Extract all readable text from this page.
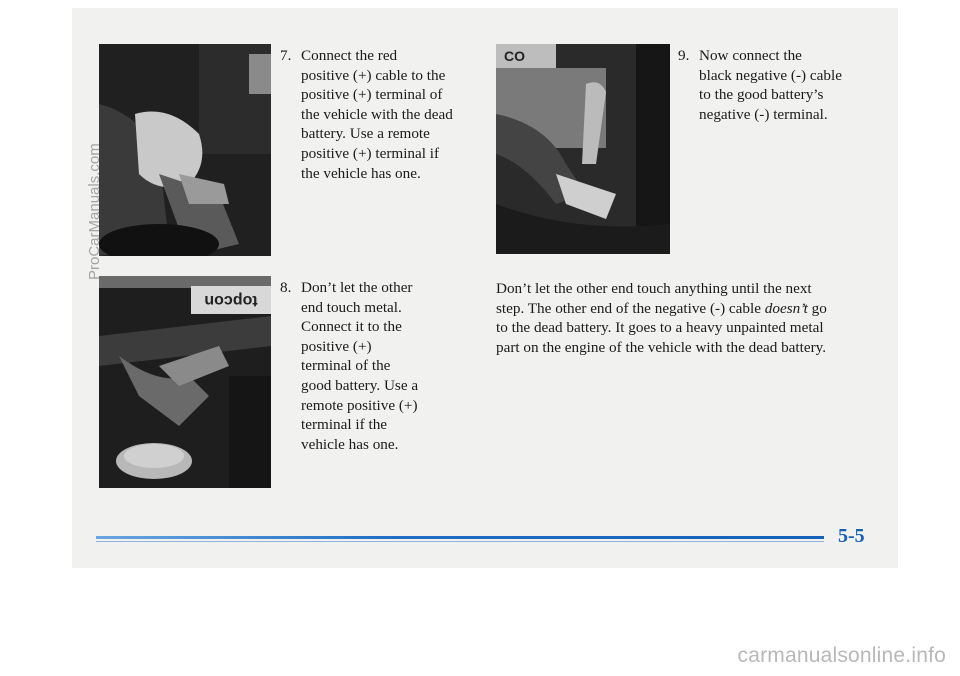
7. Connect the red
positive (+) cable to the
positive (+) terminal of
the vehicle with the dead
battery. Use a remote
positive (+) terminal if
the vehicle has one.
topcon
8. Don’t let the other
end touch metal.
Connect it to the
positive (+)
terminal of the
good battery. Use a
remote positive (+)
terminal if the
vehicle has one.
CO	9. Now connect the
black negative (-) cable
to the good battery’s
negative (-) terminal.
Don’t let the other end touch anything until the next
step. The other end of the negative (-) cable doesn’t go
to the dead battery. It goes to a heavy unpainted metal
part on the engine of the vehicle with the dead battery.
5-5
ProCarManuals.com
carmanualsonline.info
